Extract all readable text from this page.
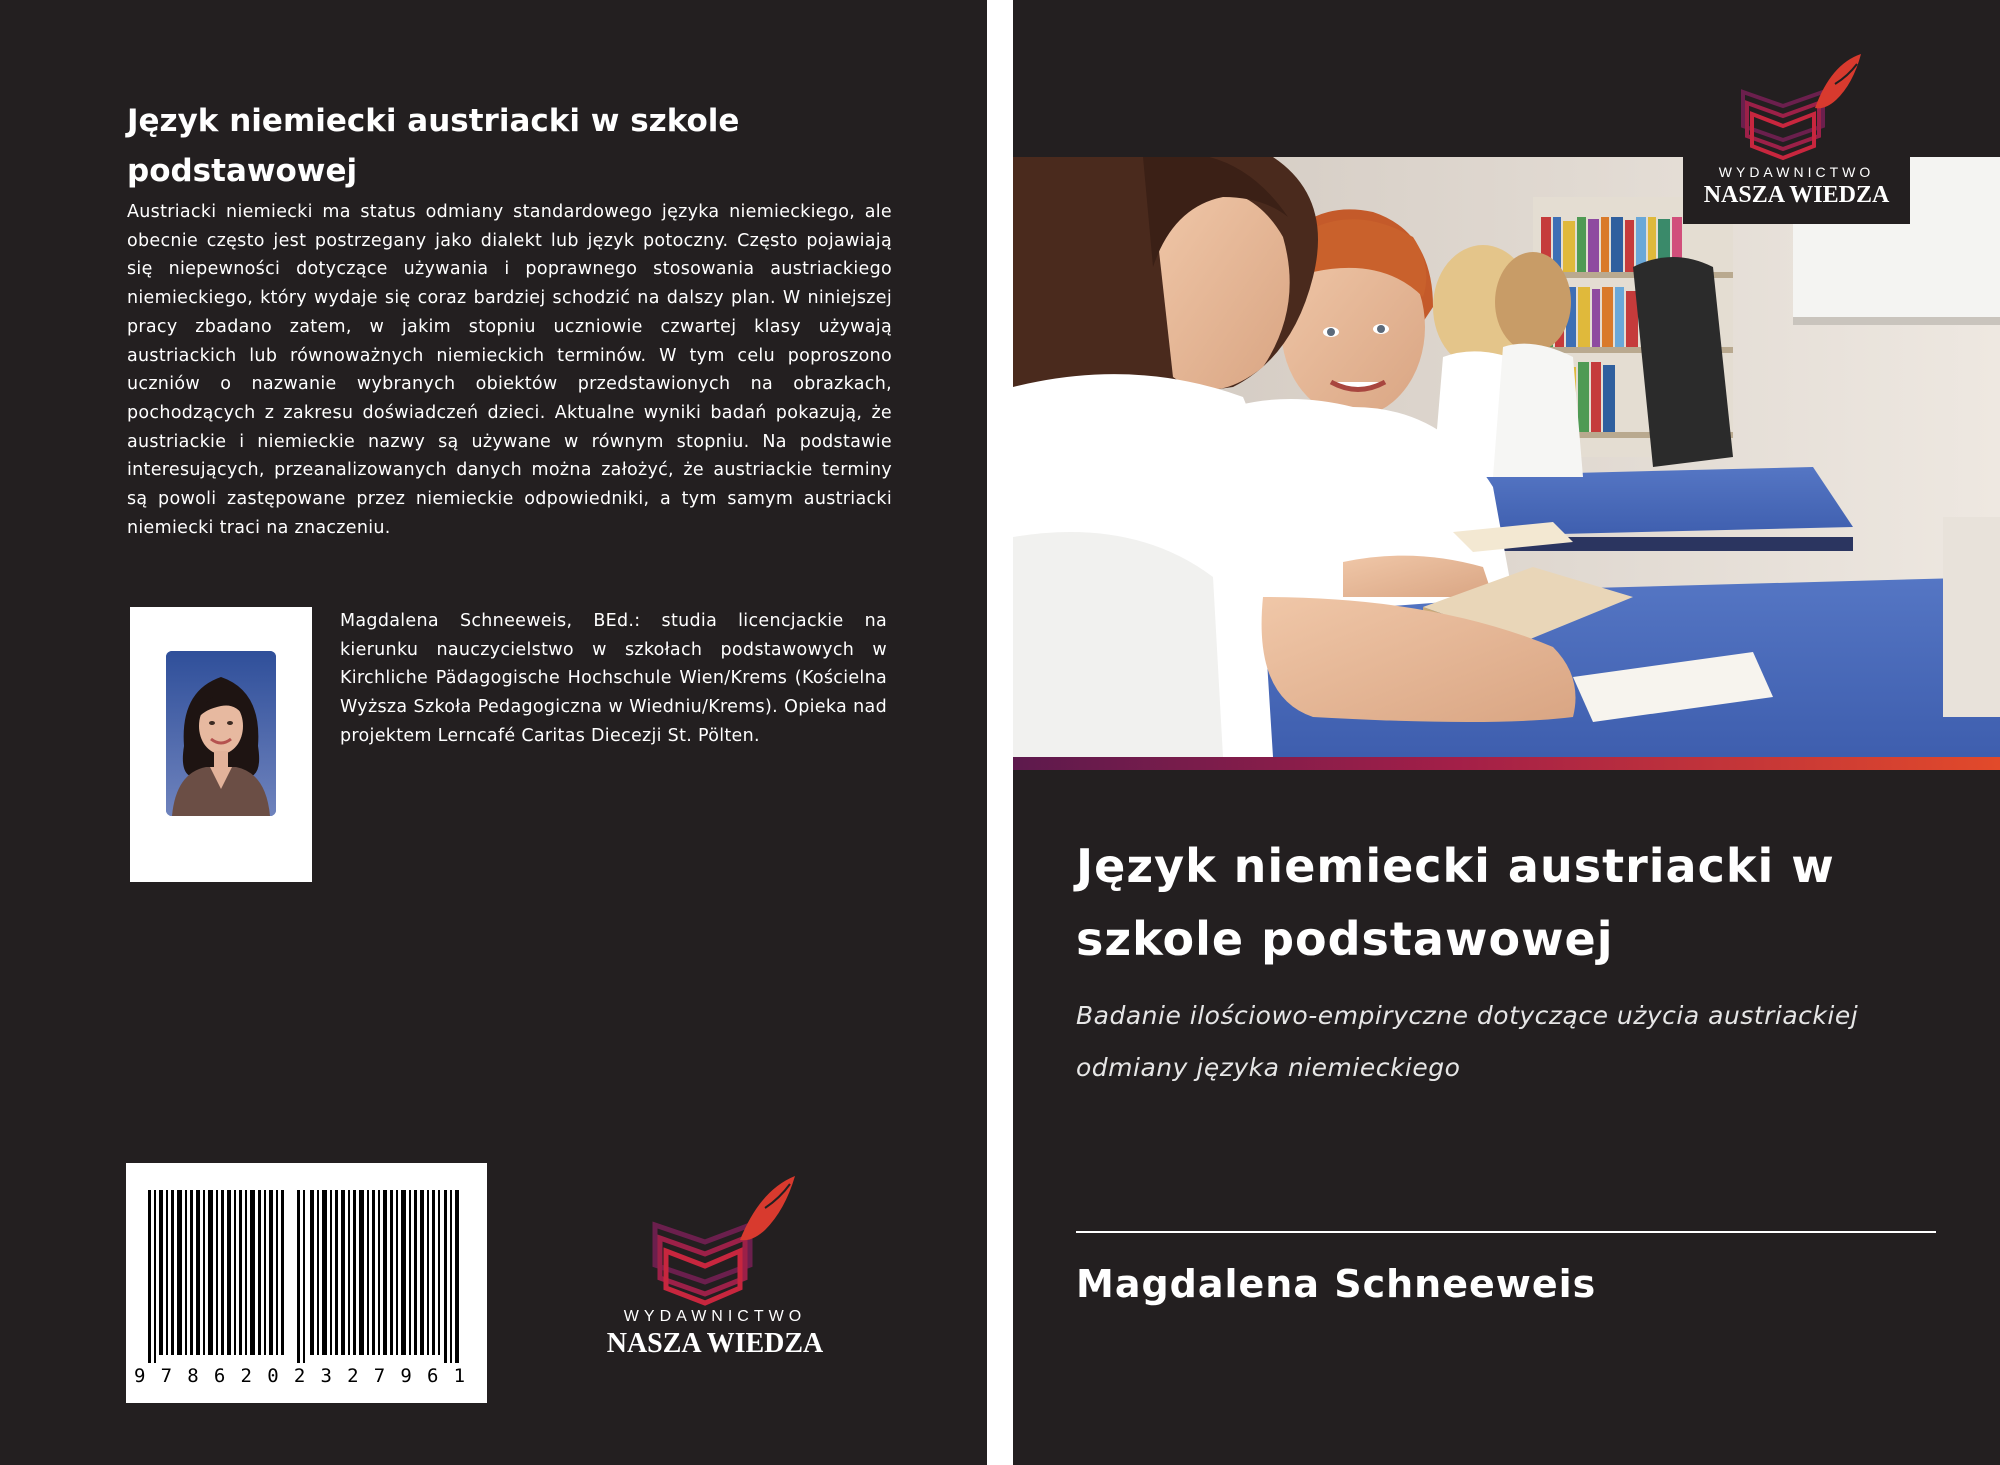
Język niemiecki austriacki w szkole podstawowej

Austriacki niemiecki ma status odmiany standardowego języka niemieckiego, ale obecnie często jest postrzegany jako dialekt lub język potoczny. Często pojawiają się niepewności dotyczące używania i poprawnego stosowania austriackiego niemieckiego, który wydaje się coraz bardziej schodzić na dalszy plan. W niniejszej pracy zbadano zatem, w jakim stopniu uczniowie czwartej klasy używają austriackich lub równoważnych niemieckich terminów. W tym celu poproszono uczniów o nazwanie wybranych obiektów przedstawionych na obrazkach, pochodzących z zakresu doświadczeń dzieci. Aktualne wyniki badań pokazują, że austriackie i niemieckie nazwy są używane w równym stopniu. Na podstawie interesujących, przeanalizowanych danych można założyć, że austriackie terminy są powoli zastępowane przez niemieckie odpowiedniki, a tym samym austriacki niemiecki traci na znaczeniu.

Magdalena Schneeweis, BEd.: studia licencjackie na kierunku nauczycielstwo w szkołach podstawowych w Kirchliche Pädagogische Hochschule Wien/Krems (Kościelna Wyższa Szkoła Pedagogiczna w Wiedniu/Krems). Opieka nad projektem Lerncafé Caritas Diecezji St. Pölten.

9786202327961
WYDAWNICTWO
NASZA WIEDZA
WYDAWNICTWO
NASZA WIEDZA
Język niemiecki austriacki w szkole podstawowej
Badanie ilościowo-empiryczne dotyczące użycia austriackiej odmiany języka niemieckiego
Magdalena Schneeweis
